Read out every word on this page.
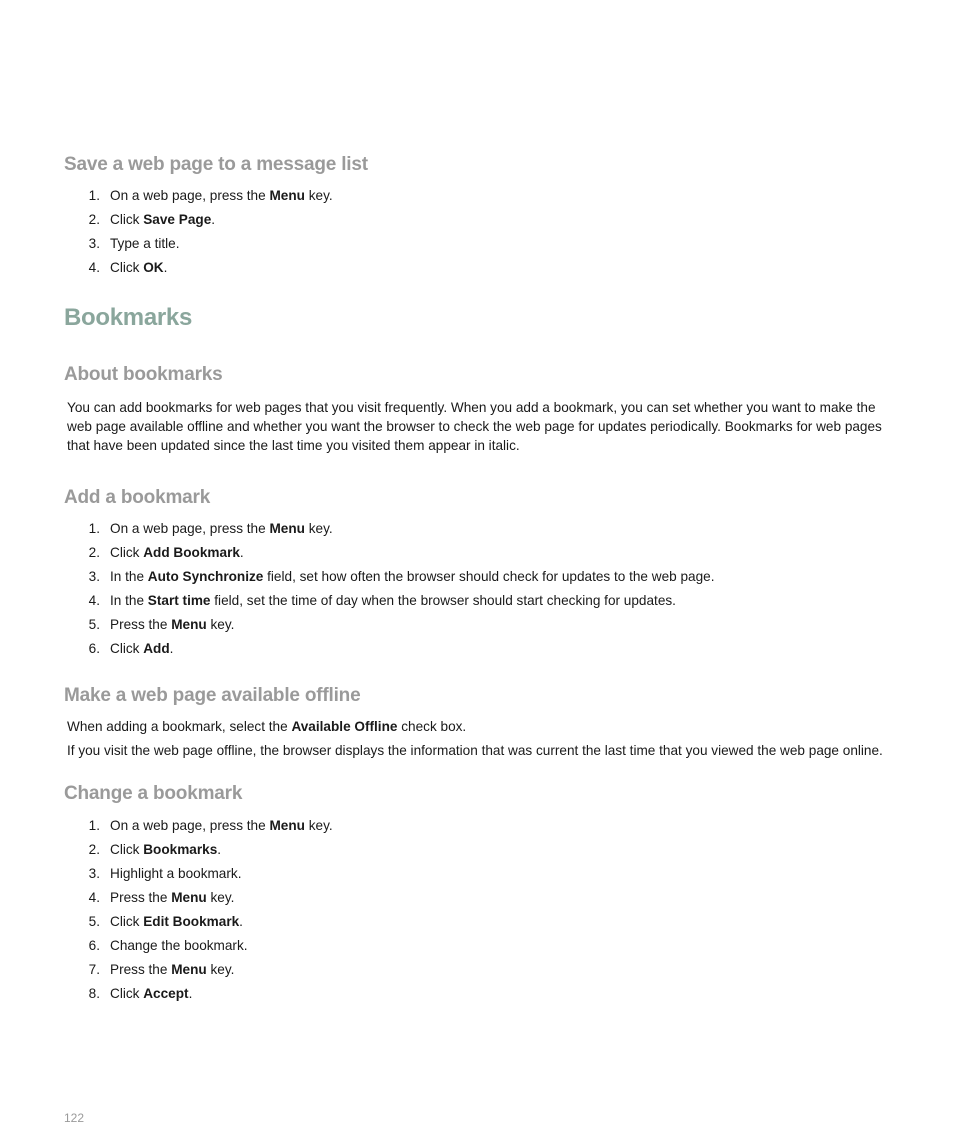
Save a web page to a message list
1. On a web page, press the Menu key.
2. Click Save Page.
3. Type a title.
4. Click OK.
Bookmarks
About bookmarks

You can add bookmarks for web pages that you visit frequently. When you add a bookmark, you can set whether you want to make the web page available offline and whether you want the browser to check the web page for updates periodically. Bookmarks for web pages that have been updated since the last time you visited them appear in italic.

Add a bookmark
1. On a web page, press the Menu key.
2. Click Add Bookmark.
3. In the Auto Synchronize field, set how often the browser should check for updates to the web page.
4. In the Start time field, set the time of day when the browser should start checking for updates.
5. Press the Menu key.
6. Click Add.
Make a web page available offline

When adding a bookmark, select the Available Offline check box.

If you visit the web page offline, the browser displays the information that was current the last time that you viewed the web page online.

Change a bookmark
1. On a web page, press the Menu key.
2. Click Bookmarks.
3. Highlight a bookmark.
4. Press the Menu key.
5. Click Edit Bookmark.
6. Change the bookmark.
7. Press the Menu key.
8. Click Accept.
122
